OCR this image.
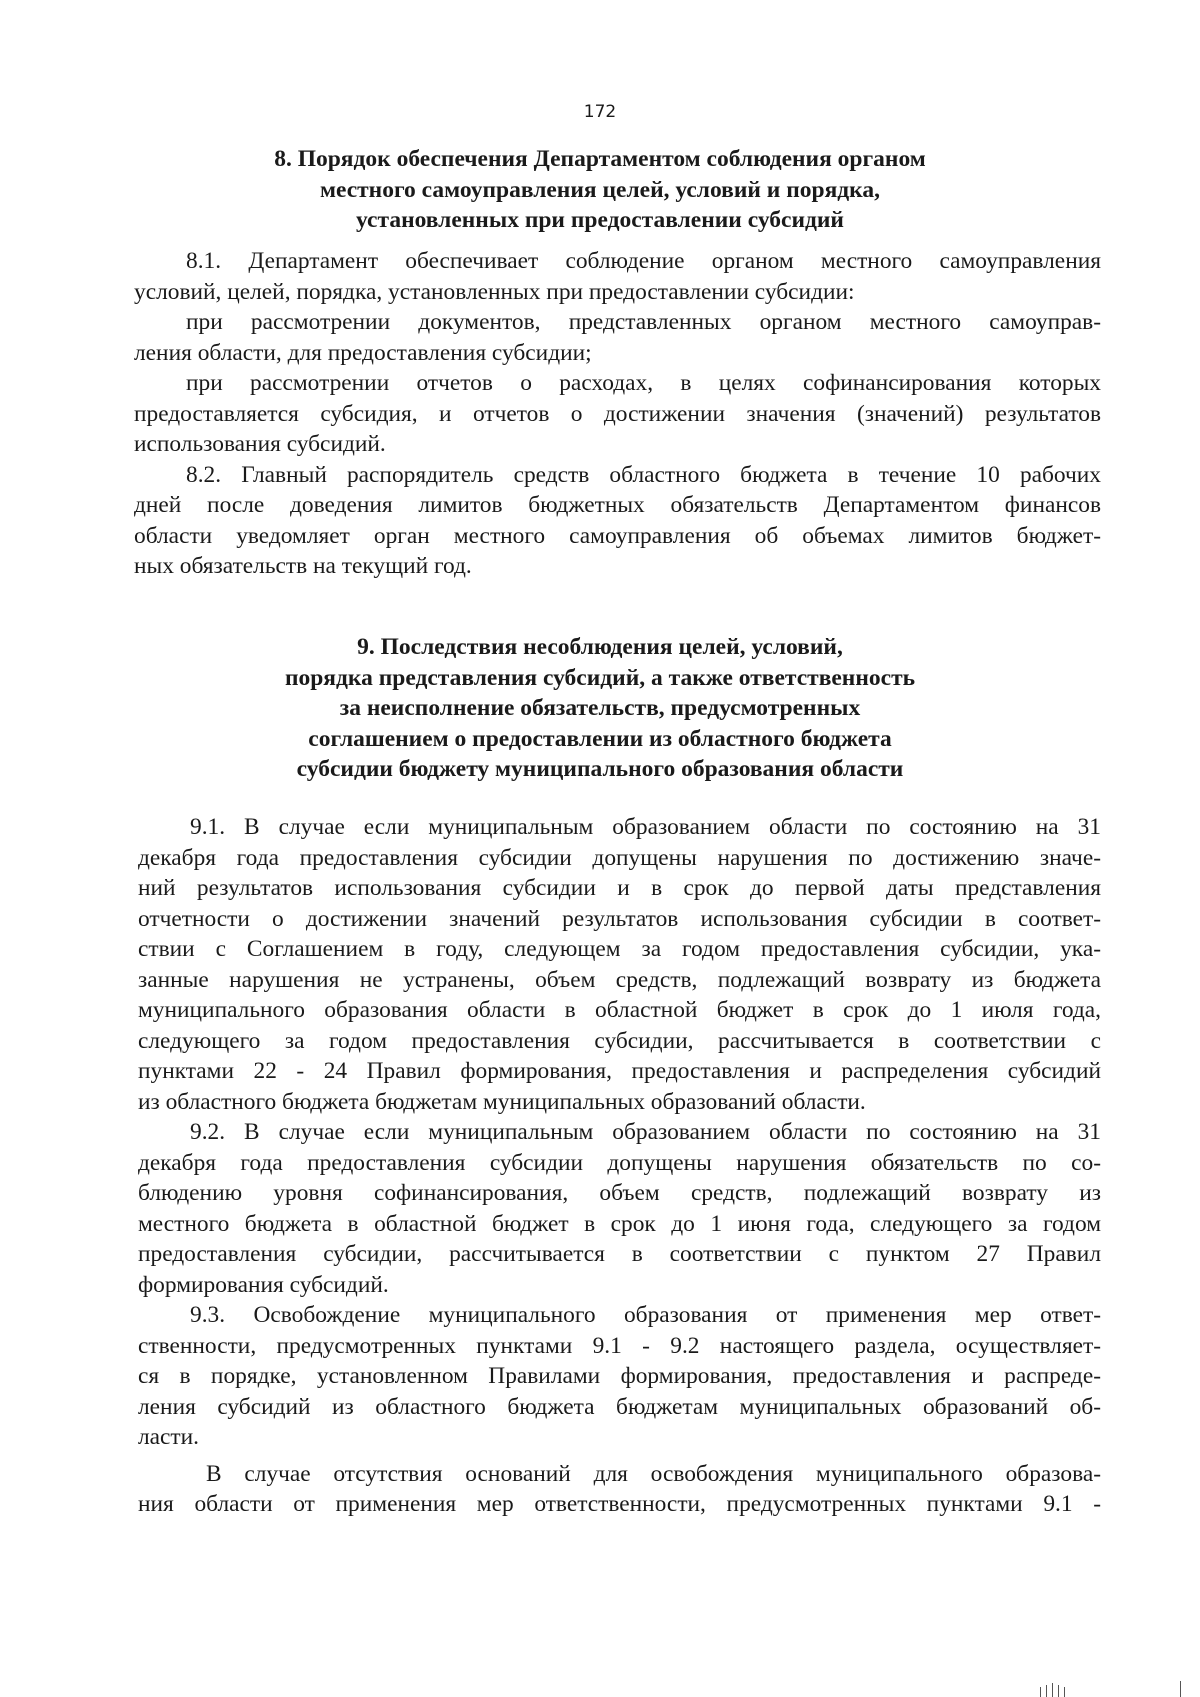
172
8. Порядок обеспечения Департаментом соблюдения органом
местного самоуправления целей, условий и порядка,
установленных при предоставлении субсидий

8.1. Департамент обеспечивает соблюдение органом местного самоуправления

условий, целей, порядка, установленных при предоставлении субсидии:

при рассмотрении документов, представленных органом местного самоуправ-

ления области, для предоставления субсидии;

при рассмотрении отчетов о расходах, в целях софинансирования которых

предоставляется субсидия, и отчетов о достижении значения (значений) результатов

использования субсидий.

8.2. Главный распорядитель средств областного бюджета в течение 10 рабочих

дней после доведения лимитов бюджетных обязательств Департаментом финансов

области уведомляет орган местного самоуправления об объемах лимитов бюджет-

ных обязательств на текущий год.

9. Последствия несоблюдения целей, условий,
порядка представления субсидий, а также ответственность
за неисполнение обязательств, предусмотренных
соглашением о предоставлении из областного бюджета
субсидии бюджету муниципального образования области

9.1. В случае если муниципальным образованием области по состоянию на 31

декабря года предоставления субсидии допущены нарушения по достижению значе-

ний результатов использования субсидии и в срок до первой даты представления

отчетности о достижении значений результатов использования субсидии в соответ-

ствии с Соглашением в году, следующем за годом предоставления субсидии, ука-

занные нарушения не устранены, объем средств, подлежащий возврату из бюджета

муниципального образования области в областной бюджет в срок до 1 июля года,

следующего за годом предоставления субсидии, рассчитывается в соответствии с

пунктами 22 - 24 Правил формирования, предоставления и распределения субсидий

из областного бюджета бюджетам муниципальных образований области.

9.2. В случае если муниципальным образованием области по состоянию на 31

декабря года предоставления субсидии допущены нарушения обязательств по со-

блюдению уровня софинансирования, объем средств, подлежащий возврату из

местного бюджета в областной бюджет в срок до 1 июня года, следующего за годом

предоставления субсидии, рассчитывается в соответствии с пунктом 27 Правил

формирования субсидий.

9.3. Освобождение муниципального образования от применения мер ответ-

ственности, предусмотренных пунктами 9.1 - 9.2 настоящего раздела, осуществляет-

ся в порядке, установленном Правилами формирования, предоставления и распреде-

ления субсидий из областного бюджета бюджетам муниципальных образований об-

ласти.

В случае отсутствия оснований для освобождения муниципального образова-

ния области от применения мер ответственности, предусмотренных пунктами 9.1 -
